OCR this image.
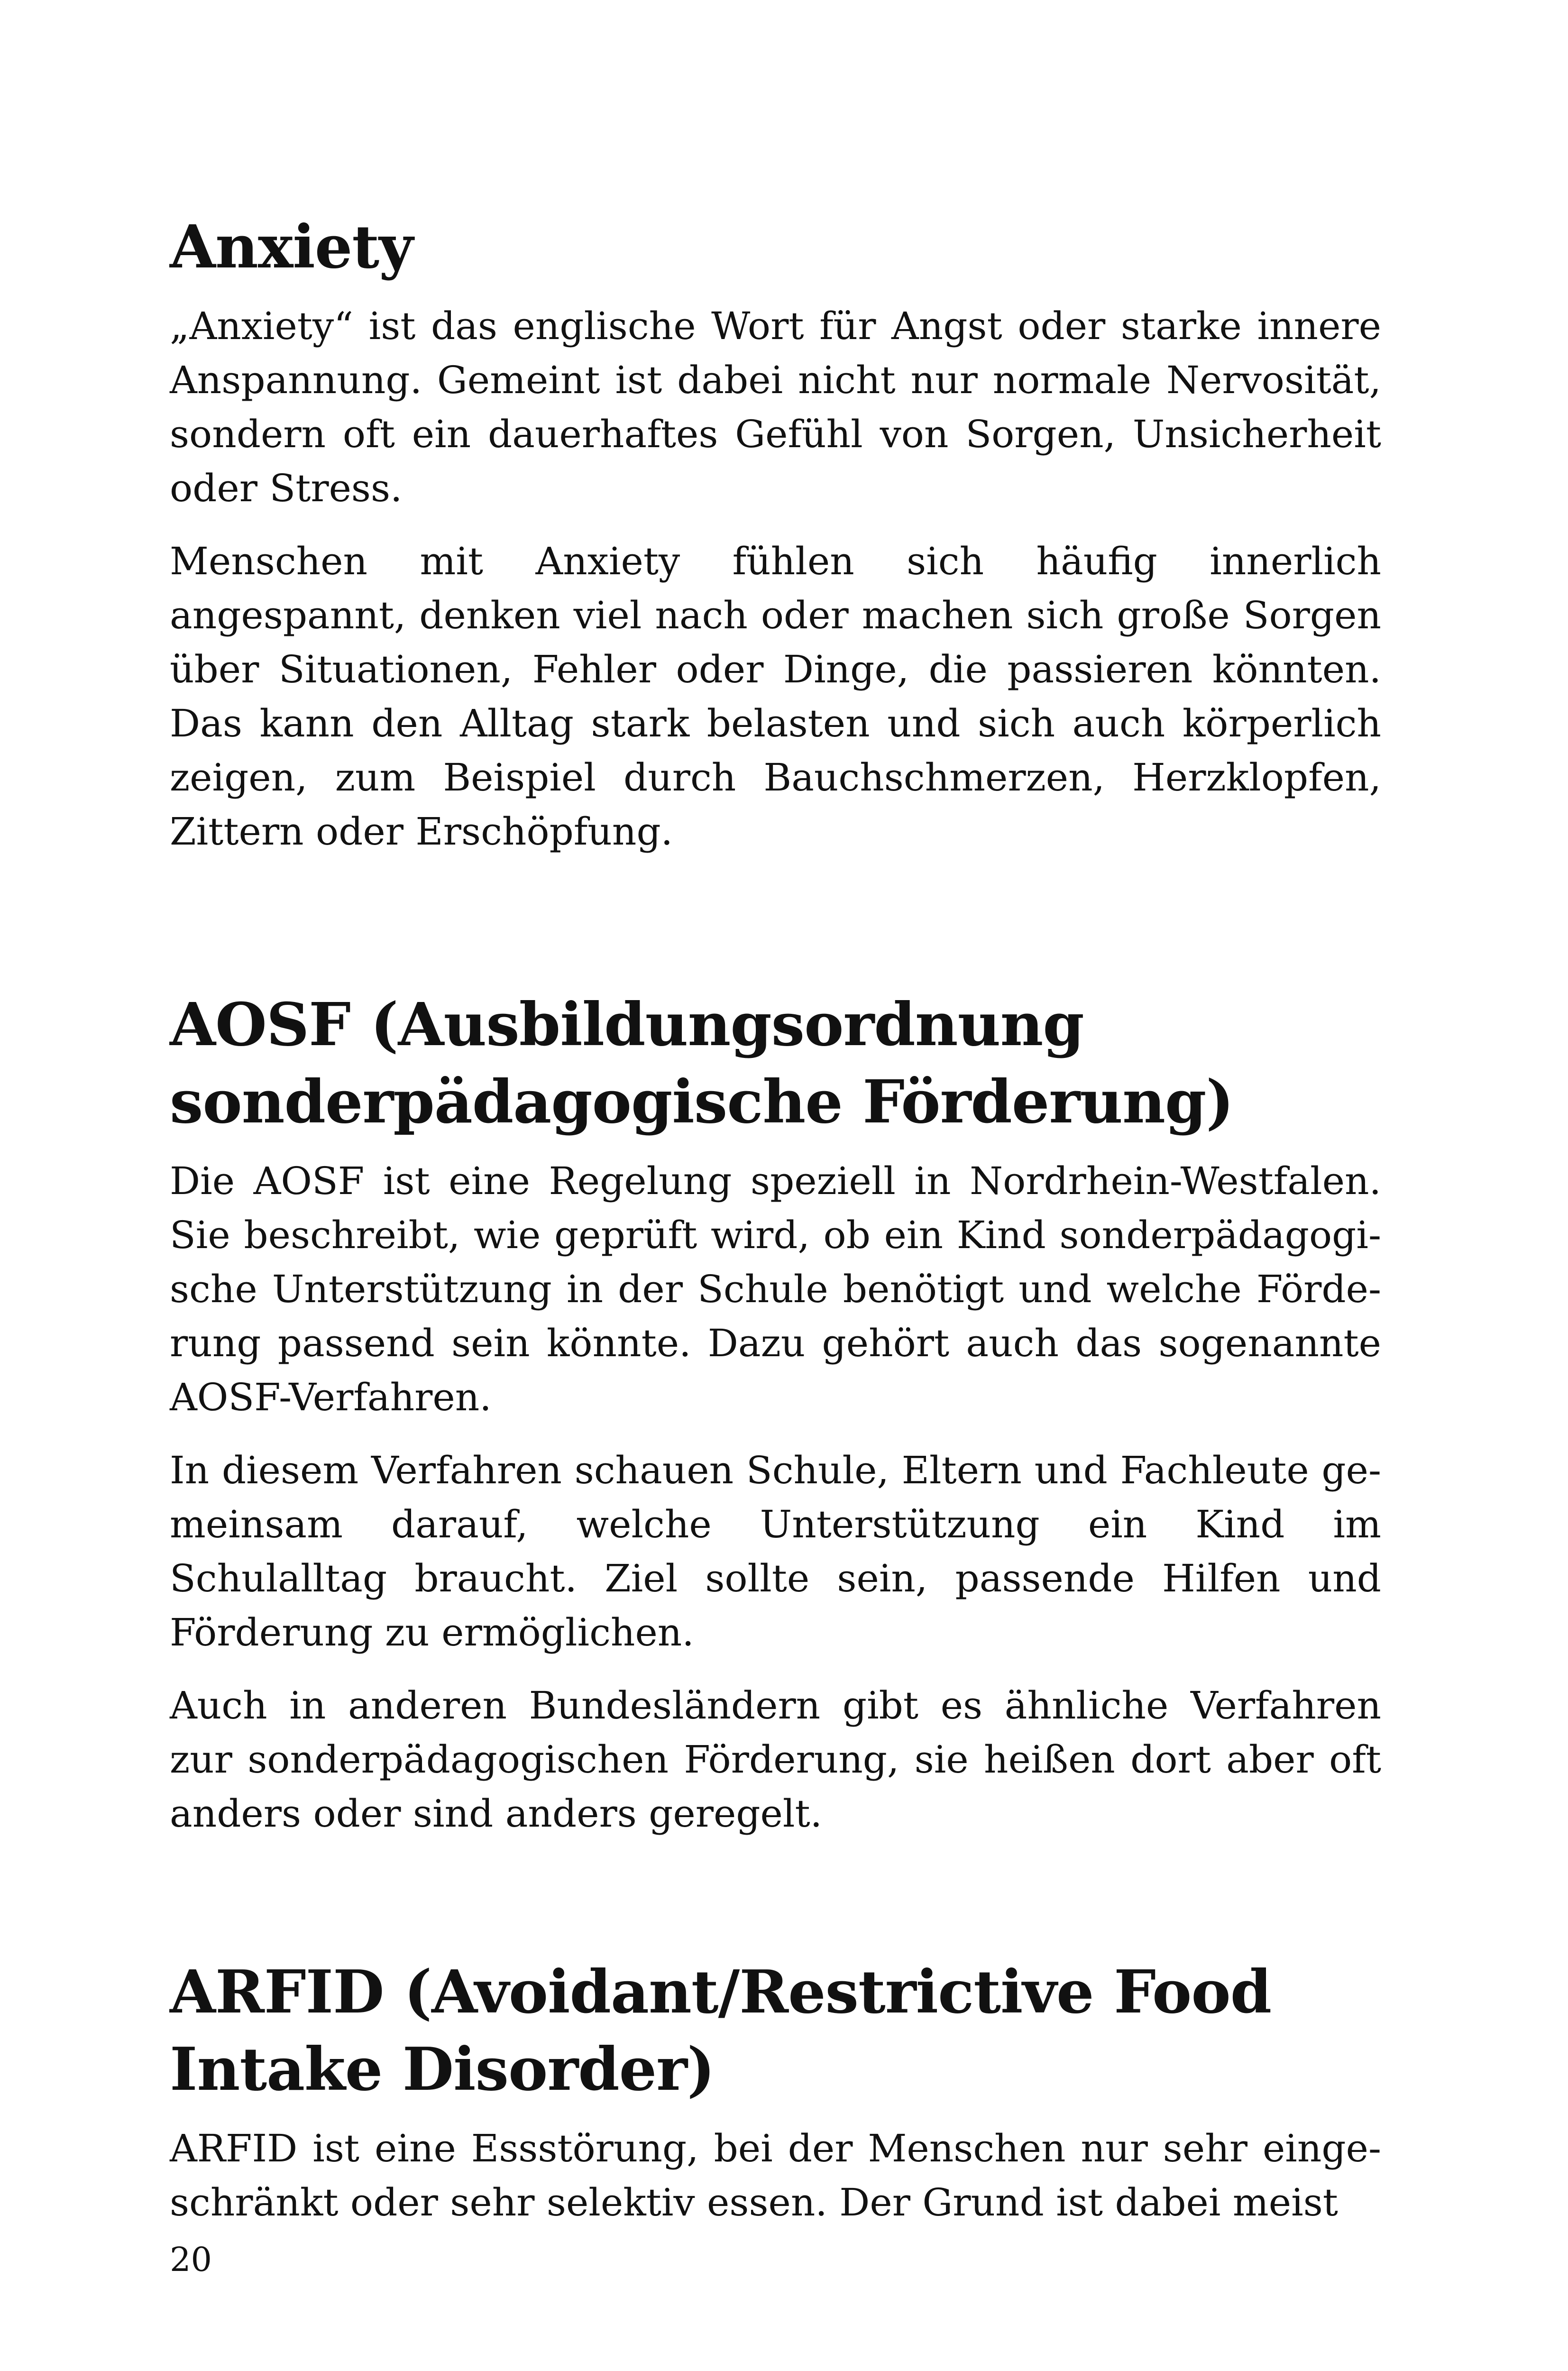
Anxiety

„Anxiety“ ist das englische Wort für Angst oder starke innere Anspannung. Gemeint ist dabei nicht nur normale Nervosität, sondern oft ein dauerhaftes Gefühl von Sorgen, Unsicherheit oder Stress.

Menschen mit Anxiety fühlen sich häufig innerlich angespannt, denken viel nach oder machen sich große Sorgen über Situationen, Fehler oder Dinge, die passieren könnten. Das kann den Alltag stark belasten und sich auch körperlich zeigen, zum Beispiel durch Bauchschmerzen, Herzklopfen, Zittern oder Erschöpfung.

AOSF (Ausbildungsordnung sonderpädagogische Förderung)

Die AOSF ist eine Regelung speziell in Nordrhein-Westfalen. Sie beschreibt, wie geprüft wird, ob ein Kind sonderpädagogische Unterstützung in der Schule benötigt und welche Förderung passend sein könnte. Dazu gehört auch das sogenannte AOSF-Verfahren.

In diesem Verfahren schauen Schule, Eltern und Fachleute gemeinsam darauf, welche Unterstützung ein Kind im Schulalltag braucht. Ziel sollte sein, passende Hilfen und Förderung zu ermöglichen.

Auch in anderen Bundesländern gibt es ähnliche Verfahren zur sonderpädagogischen Förderung, sie heißen dort aber oft anders oder sind anders geregelt.

ARFID (Avoidant/Restrictive Food Intake Disorder)

ARFID ist eine Essstörung, bei der Menschen nur sehr eingeschränkt oder sehr selektiv essen. Der Grund ist dabei meist

20
